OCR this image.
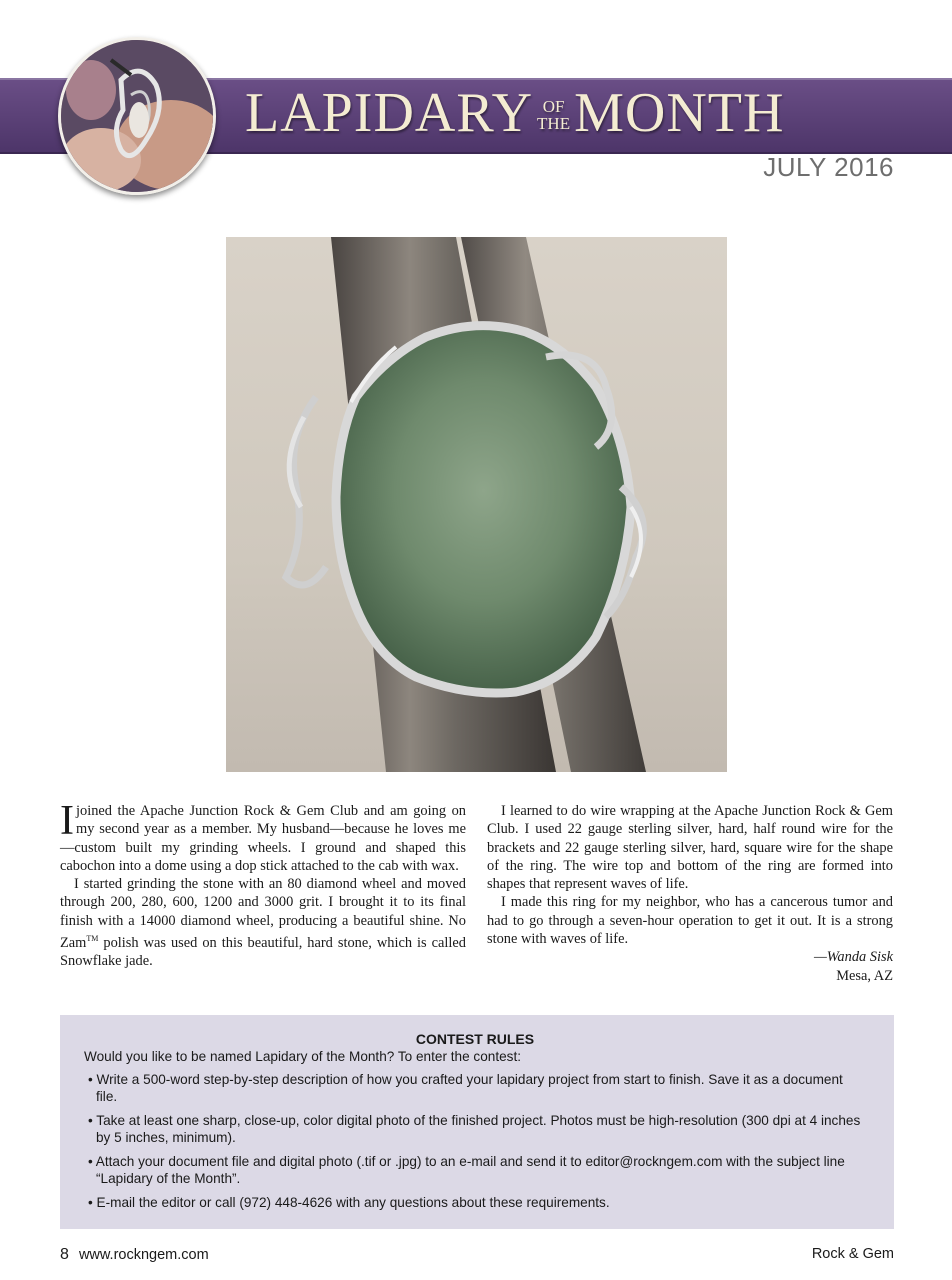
LAPIDARY OF
THE MONTH
JULY 2016

Ijoined the Apache Junction Rock & Gem Club and am going on my second year as a member. My husband—because he loves me—custom built my grinding wheels. I ground and shaped this cabochon into a dome using a dop stick attached to the cab with wax.

I started grinding the stone with an 80 diamond wheel and moved through 200, 280, 600, 1200 and 3000 grit. I brought it to its final finish with a 14000 diamond wheel, producing a beautiful shine. No Zam™ polish was used on this beautiful, hard stone, which is called Snowflake jade.

I learned to do wire wrapping at the Apache Junction Rock & Gem Club. I used 22 gauge sterling silver, hard, half round wire for the brackets and 22 gauge sterling silver, hard, square wire for the shape of the ring. The wire top and bottom of the ring are formed into shapes that represent waves of life.

I made this ring for my neighbor, who has a cancerous tumor and had to go through a seven-hour operation to get it out. It is a strong stone with waves of life.

—Wanda Sisk
Mesa, AZ
CONTEST RULES

Would you like to be named Lapidary of the Month? To enter the contest:

• Write a 500-word step-by-step description of how you crafted your lapidary project from start to finish. Save it as a document file.
• Take at least one sharp, close-up, color digital photo of the finished project. Photos must be high-resolution (300 dpi at 4 inches by 5 inches, minimum).
• Attach your document file and digital photo (.tif or .jpg) to an e-mail and send it to editor@rockngem.com with the subject line “Lapidary of the Month”.
• E-mail the editor or call (972) 448-4626 with any questions about these requirements.
8 www.rockngem.com	Rock & Gem
